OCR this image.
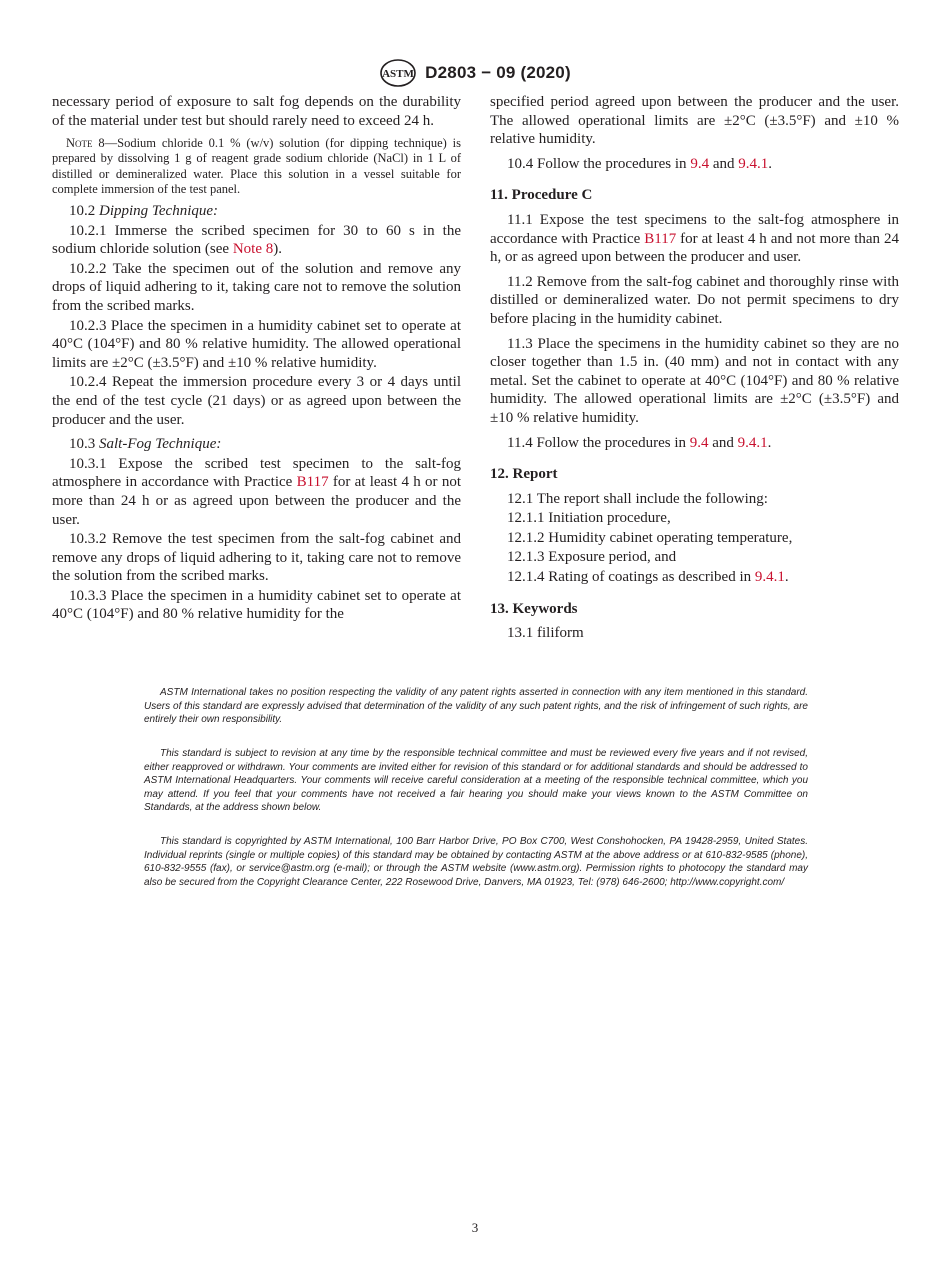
ASTM D2803 − 09 (2020)

necessary period of exposure to salt fog depends on the durability of the material under test but should rarely need to exceed 24 h.

Note 8—Sodium chloride 0.1 % (w/v) solution (for dipping technique) is prepared by dissolving 1 g of reagent grade sodium chloride (NaCl) in 1 L of distilled or demineralized water. Place this solution in a vessel suitable for complete immersion of the test panel.

10.2 Dipping Technique:

10.2.1 Immerse the scribed specimen for 30 to 60 s in the sodium chloride solution (see Note 8).

10.2.2 Take the specimen out of the solution and remove any drops of liquid adhering to it, taking care not to remove the solution from the scribed marks.

10.2.3 Place the specimen in a humidity cabinet set to operate at 40°C (104°F) and 80 % relative humidity. The allowed operational limits are ±2°C (±3.5°F) and ±10 % relative humidity.

10.2.4 Repeat the immersion procedure every 3 or 4 days until the end of the test cycle (21 days) or as agreed upon between the producer and the user.

10.3 Salt-Fog Technique:

10.3.1 Expose the scribed test specimen to the salt-fog atmosphere in accordance with Practice B117 for at least 4 h or not more than 24 h or as agreed upon between the producer and the user.

10.3.2 Remove the test specimen from the salt-fog cabinet and remove any drops of liquid adhering to it, taking care not to remove the solution from the scribed marks.

10.3.3 Place the specimen in a humidity cabinet set to operate at 40°C (104°F) and 80 % relative humidity for the

specified period agreed upon between the producer and the user. The allowed operational limits are ±2°C (±3.5°F) and ±10 % relative humidity.

10.4 Follow the procedures in 9.4 and 9.4.1.

11. Procedure C

11.1 Expose the test specimens to the salt-fog atmosphere in accordance with Practice B117 for at least 4 h and not more than 24 h, or as agreed upon between the producer and user.

11.2 Remove from the salt-fog cabinet and thoroughly rinse with distilled or demineralized water. Do not permit specimens to dry before placing in the humidity cabinet.

11.3 Place the specimens in the humidity cabinet so they are no closer together than 1.5 in. (40 mm) and not in contact with any metal. Set the cabinet to operate at 40°C (104°F) and 80 % relative humidity. The allowed operational limits are ±2°C (±3.5°F) and ±10 % relative humidity.

11.4 Follow the procedures in 9.4 and 9.4.1.

12. Report

12.1 The report shall include the following:

12.1.1 Initiation procedure,

12.1.2 Humidity cabinet operating temperature,

12.1.3 Exposure period, and

12.1.4 Rating of coatings as described in 9.4.1.

13. Keywords

13.1 filiform

ASTM International takes no position respecting the validity of any patent rights asserted in connection with any item mentioned in this standard. Users of this standard are expressly advised that determination of the validity of any such patent rights, and the risk of infringement of such rights, are entirely their own responsibility.

This standard is subject to revision at any time by the responsible technical committee and must be reviewed every five years and if not revised, either reapproved or withdrawn. Your comments are invited either for revision of this standard or for additional standards and should be addressed to ASTM International Headquarters. Your comments will receive careful consideration at a meeting of the responsible technical committee, which you may attend. If you feel that your comments have not received a fair hearing you should make your views known to the ASTM Committee on Standards, at the address shown below.

This standard is copyrighted by ASTM International, 100 Barr Harbor Drive, PO Box C700, West Conshohocken, PA 19428-2959, United States. Individual reprints (single or multiple copies) of this standard may be obtained by contacting ASTM at the above address or at 610-832-9585 (phone), 610-832-9555 (fax), or service@astm.org (e-mail); or through the ASTM website (www.astm.org). Permission rights to photocopy the standard may also be secured from the Copyright Clearance Center, 222 Rosewood Drive, Danvers, MA 01923, Tel: (978) 646-2600; http://www.copyright.com/

3
